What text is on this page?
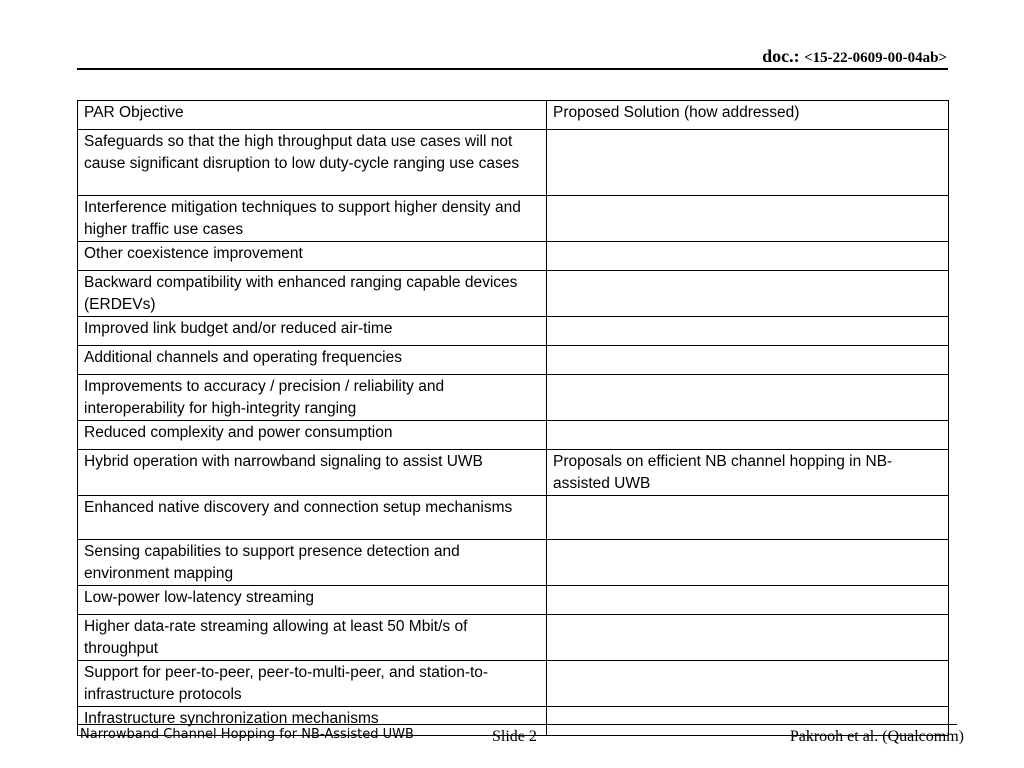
doc.: <15-22-0609-00-04ab>
PAR Objective	Proposed Solution (how addressed)
Safeguards so that the high throughput data use cases will not cause significant disruption to low duty-cycle ranging use cases	
Interference mitigation techniques to support higher density and higher traffic use cases	
Other coexistence improvement	
Backward compatibility with enhanced ranging capable devices (ERDEVs)	
Improved link budget and/or reduced air-time	
Additional channels and operating frequencies	
Improvements to accuracy / precision / reliability and interoperability for high-integrity ranging	
Reduced complexity and power consumption	
Hybrid operation with narrowband signaling to assist UWB	Proposals on efficient NB channel hopping in NB-assisted UWB
Enhanced native discovery and connection setup mechanisms	
Sensing capabilities to support presence detection and environment mapping	
Low-power low-latency streaming	
Higher data-rate streaming allowing at least 50 Mbit/s of throughput	
Support for peer-to-peer, peer-to-multi-peer, and station-to-infrastructure protocols	
Infrastructure synchronization mechanisms	
Narrowband Channel Hopping for NB-Assisted UWB	Slide 2	Pakrooh et al. (Qualcomm)
